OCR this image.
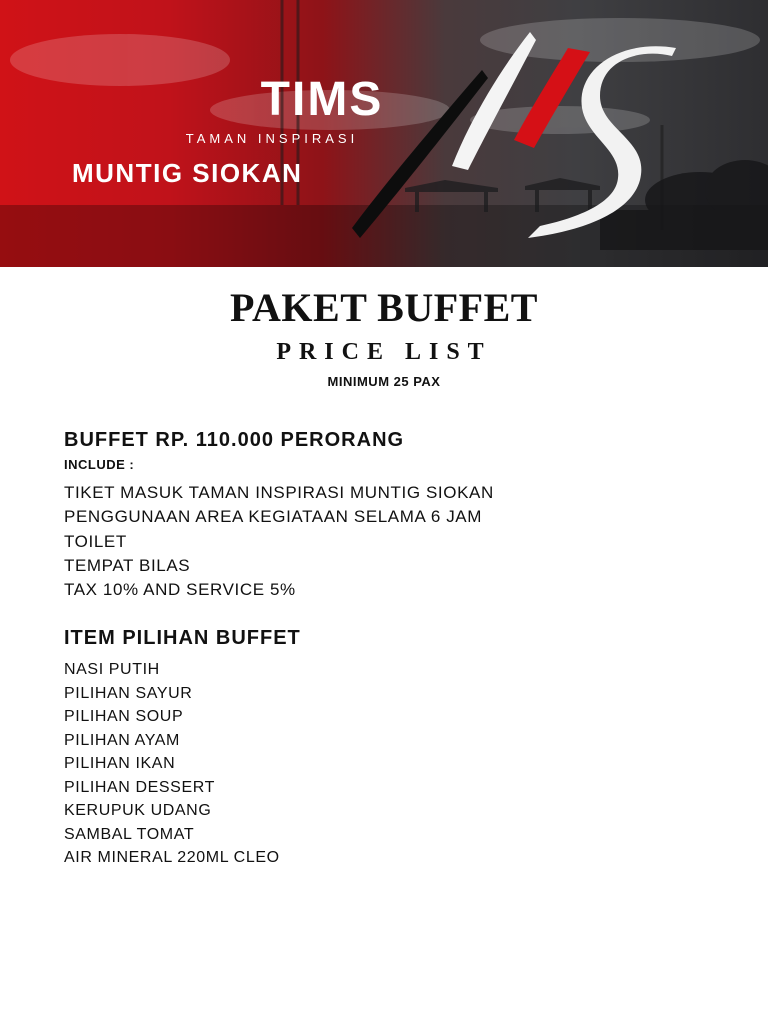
TIMS
TAMAN INSPIRASI
MUNTIG SIOKAN
PAKET BUFFET
PRICE LIST
MINIMUM 25 PAX
BUFFET RP. 110.000 PERORANG
INCLUDE :
TIKET MASUK TAMAN INSPIRASI MUNTIG SIOKAN
PENGGUNAAN AREA KEGIATAAN SELAMA 6 JAM
TOILET
TEMPAT BILAS
TAX 10% AND SERVICE 5%
ITEM PILIHAN BUFFET
NASI PUTIH
PILIHAN SAYUR
PILIHAN SOUP
PILIHAN AYAM
PILIHAN IKAN
PILIHAN DESSERT
KERUPUK UDANG
SAMBAL TOMAT
AIR MINERAL 220ML CLEO
